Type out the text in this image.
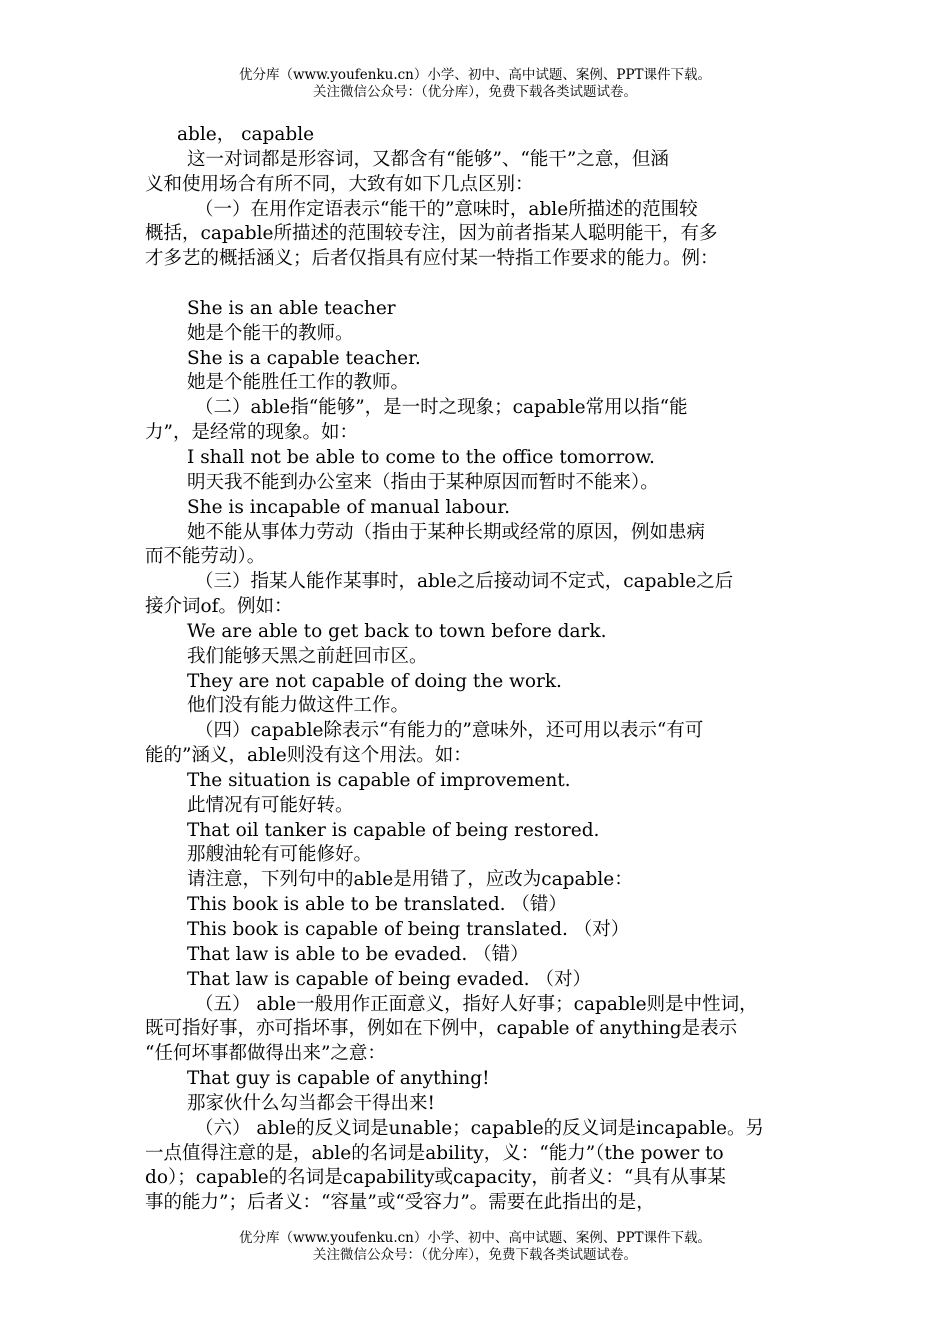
优分库（www.youfenku.cn）小学、初中、高中试题、案例、PPT课件下载。
关注微信公众号：（优分库），免费下载各类试题试卷。
able， capable
这一对词都是形容词，又都含有“能够”、“能干”之意，但涵
义和使用场合有所不同，大致有如下几点区别：
（一）在用作定语表示“能干的”意味时，able所描述的范围较
概括，capable所描述的范围较专注，因为前者指某人聪明能干，有多
才多艺的概括涵义；后者仅指具有应付某一特指工作要求的能力。例：
She is an able teacher
她是个能干的教师。
She is a capable teacher.
她是个能胜任工作的教师。
（二）able指“能够”，是一时之现象；capable常用以指“能
力”，是经常的现象。如：
I shall not be able to come to the office tomorrow.
明天我不能到办公室来（指由于某种原因而暂时不能来）。
She is incapable of manual labour.
她不能从事体力劳动（指由于某种长期或经常的原因，例如患病
而不能劳动）。
（三）指某人能作某事时，able之后接动词不定式，capable之后
接介词of。例如：
We are able to get back to town before dark.
我们能够天黑之前赶回市区。
They are not capable of doing the work.
他们没有能力做这件工作。
（四）capable除表示“有能力的”意味外，还可用以表示“有可
能的”涵义，able则没有这个用法。如：
The situation is capable of improvement.
此情况有可能好转。
That oil tanker is capable of being restored.
那艘油轮有可能修好。
请注意，下列句中的able是用错了，应改为capable：
This book is able to be translated. （错）
This book is capable of being translated. （对）
That law is able to be evaded. （错）
That law is capable of being evaded. （对）
（五） able一般用作正面意义，指好人好事；capable则是中性词，
既可指好事，亦可指坏事，例如在下例中，capable of anything是表示
“任何坏事都做得出来”之意：
That guy is capable of anything!
那家伙什么勾当都会干得出来!
（六） able的反义词是unable；capable的反义词是incapable。另
一点值得注意的是，able的名词是ability，义：“能力”（the power to
do）；capable的名词是capability或capacity，前者义：“具有从事某
事的能力”；后者义：“容量”或“受容力”。需要在此指出的是，
优分库（www.youfenku.cn）小学、初中、高中试题、案例、PPT课件下载。
关注微信公众号：（优分库），免费下载各类试题试卷。
